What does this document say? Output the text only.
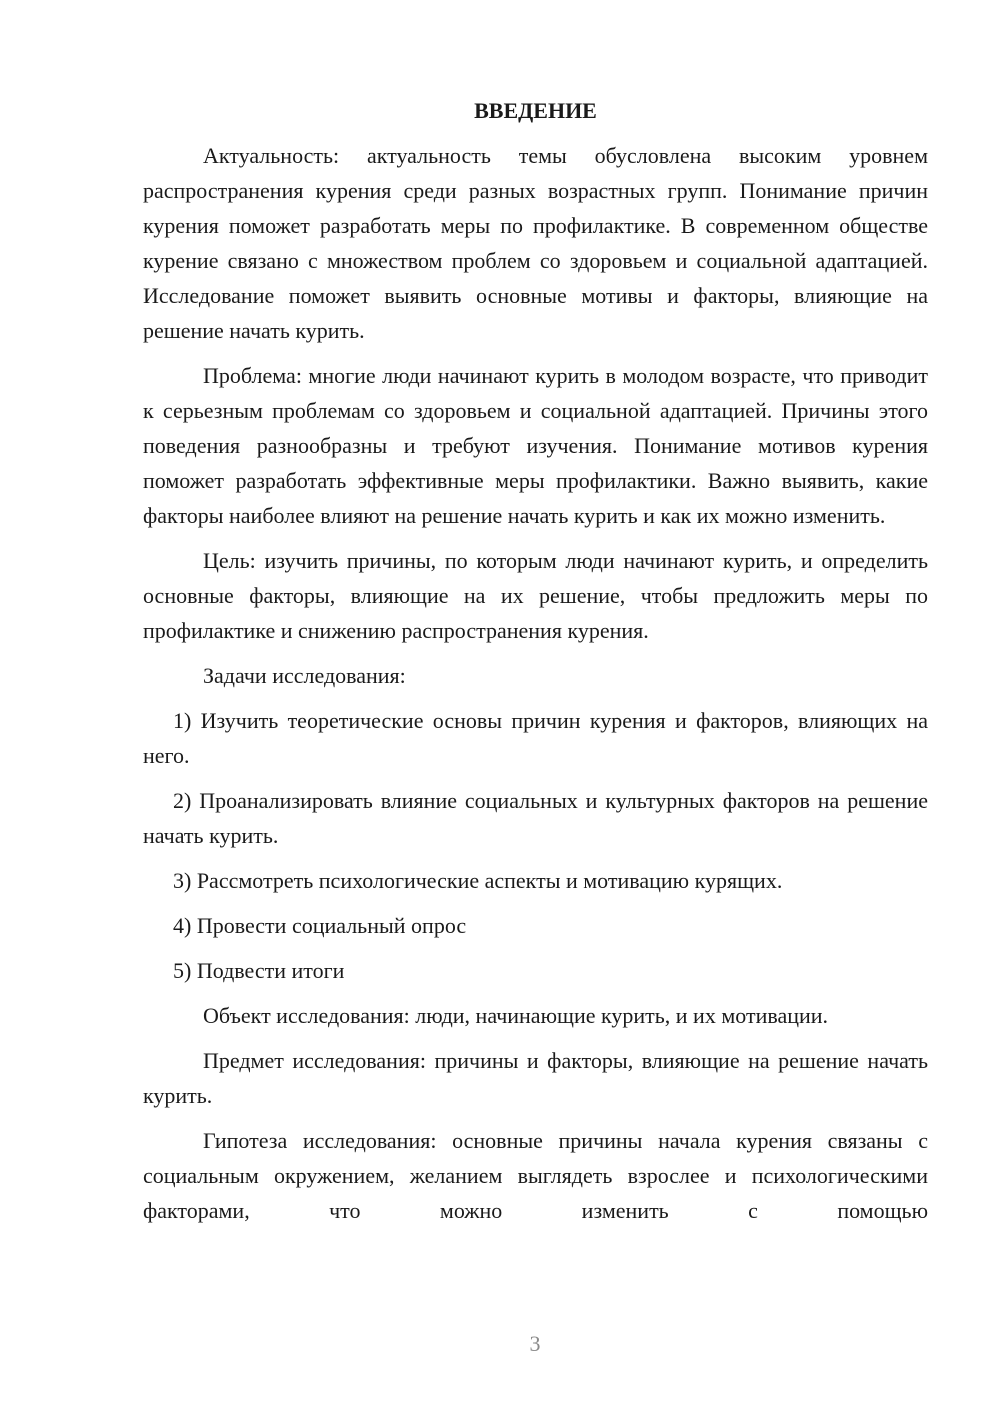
ВВЕДЕНИЕ

Актуальность: актуальность темы обусловлена высоким уровнем распространения курения среди разных возрастных групп. Понимание причин курения поможет разработать меры по профилактике. В современном обществе курение связано с множеством проблем со здоровьем и социальной адаптацией. Исследование поможет выявить основные мотивы и факторы, влияющие на решение начать курить.

Проблема: многие люди начинают курить в молодом возрасте, что приводит к серьезным проблемам со здоровьем и социальной адаптацией. Причины этого поведения разнообразны и требуют изучения. Понимание мотивов курения поможет разработать эффективные меры профилактики. Важно выявить, какие факторы наиболее влияют на решение начать курить и как их можно изменить.

Цель: изучить причины, по которым люди начинают курить, и определить основные факторы, влияющие на их решение, чтобы предложить меры по профилактике и снижению распространения курения.

Задачи исследования:

1) Изучить теоретические основы причин курения и факторов, влияющих на него.

2) Проанализировать влияние социальных и культурных факторов на решение начать курить.

3) Рассмотреть психологические аспекты и мотивацию курящих.

4) Провести социальный опрос

5) Подвести итоги

Объект исследования: люди, начинающие курить, и их мотивации.

Предмет исследования: причины и факторы, влияющие на решение начать курить.

Гипотеза исследования: основные причины начала курения связаны с социальным окружением, желанием выглядеть взрослее и психологическими факторами, что можно изменить с помощью

3
